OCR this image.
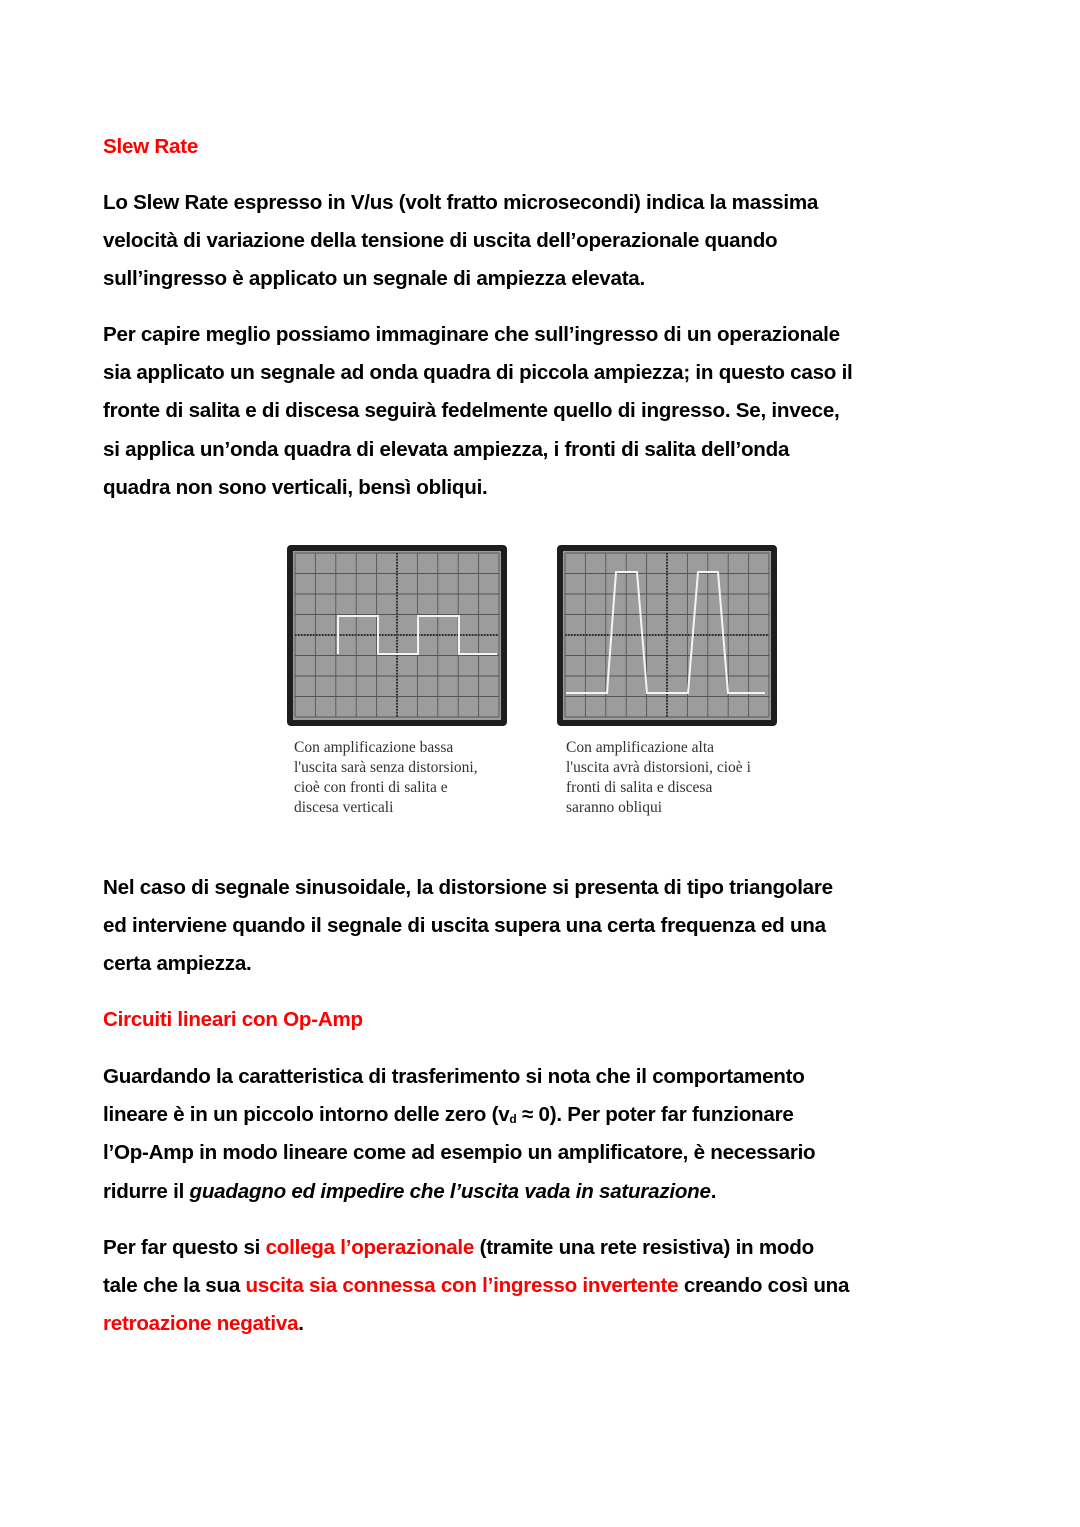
Slew Rate
Lo Slew Rate espresso in V/us (volt fratto microsecondi) indica la massima
velocità di variazione della tensione di uscita dell’operazionale quando
sull’ingresso è applicato un segnale di ampiezza elevata.
Per capire meglio possiamo immaginare che sull’ingresso di un operazionale
sia applicato un segnale ad onda quadra di piccola ampiezza; in questo caso il
fronte di salita e di discesa seguirà fedelmente quello di ingresso. Se, invece,
si applica un’onda quadra di elevata ampiezza, i fronti di salita dell’onda
quadra non sono verticali, bensì obliqui.
Nel caso di segnale sinusoidale, la distorsione si presenta di tipo triangolare
ed interviene quando il segnale di uscita supera una certa frequenza ed una
certa ampiezza.
Circuiti lineari con Op-Amp
Guardando la caratteristica di trasferimento si nota che il comportamento
lineare è in un piccolo intorno delle zero $(v_d \approx 0)$. Per poter far funzionare
l’Op-Amp in modo lineare come ad esempio un amplificatore, è necessario
ridurre il guadagno ed impedire che l’uscita vada in saturazione.
Per far questo si collega l’operazionale (tramite una rete resistiva) in modo
tale che la sua uscita sia connessa con l’ingresso invertente creando così una
retroazione negativa.
Con amplificazione bassa
l'uscita sarà senza distorsioni,
cioè con fronti di salita e
discesa verticali
Con amplificazione alta
l'uscita avrà distorsioni, cioè i
fronti di salita e discesa
saranno obliqui
